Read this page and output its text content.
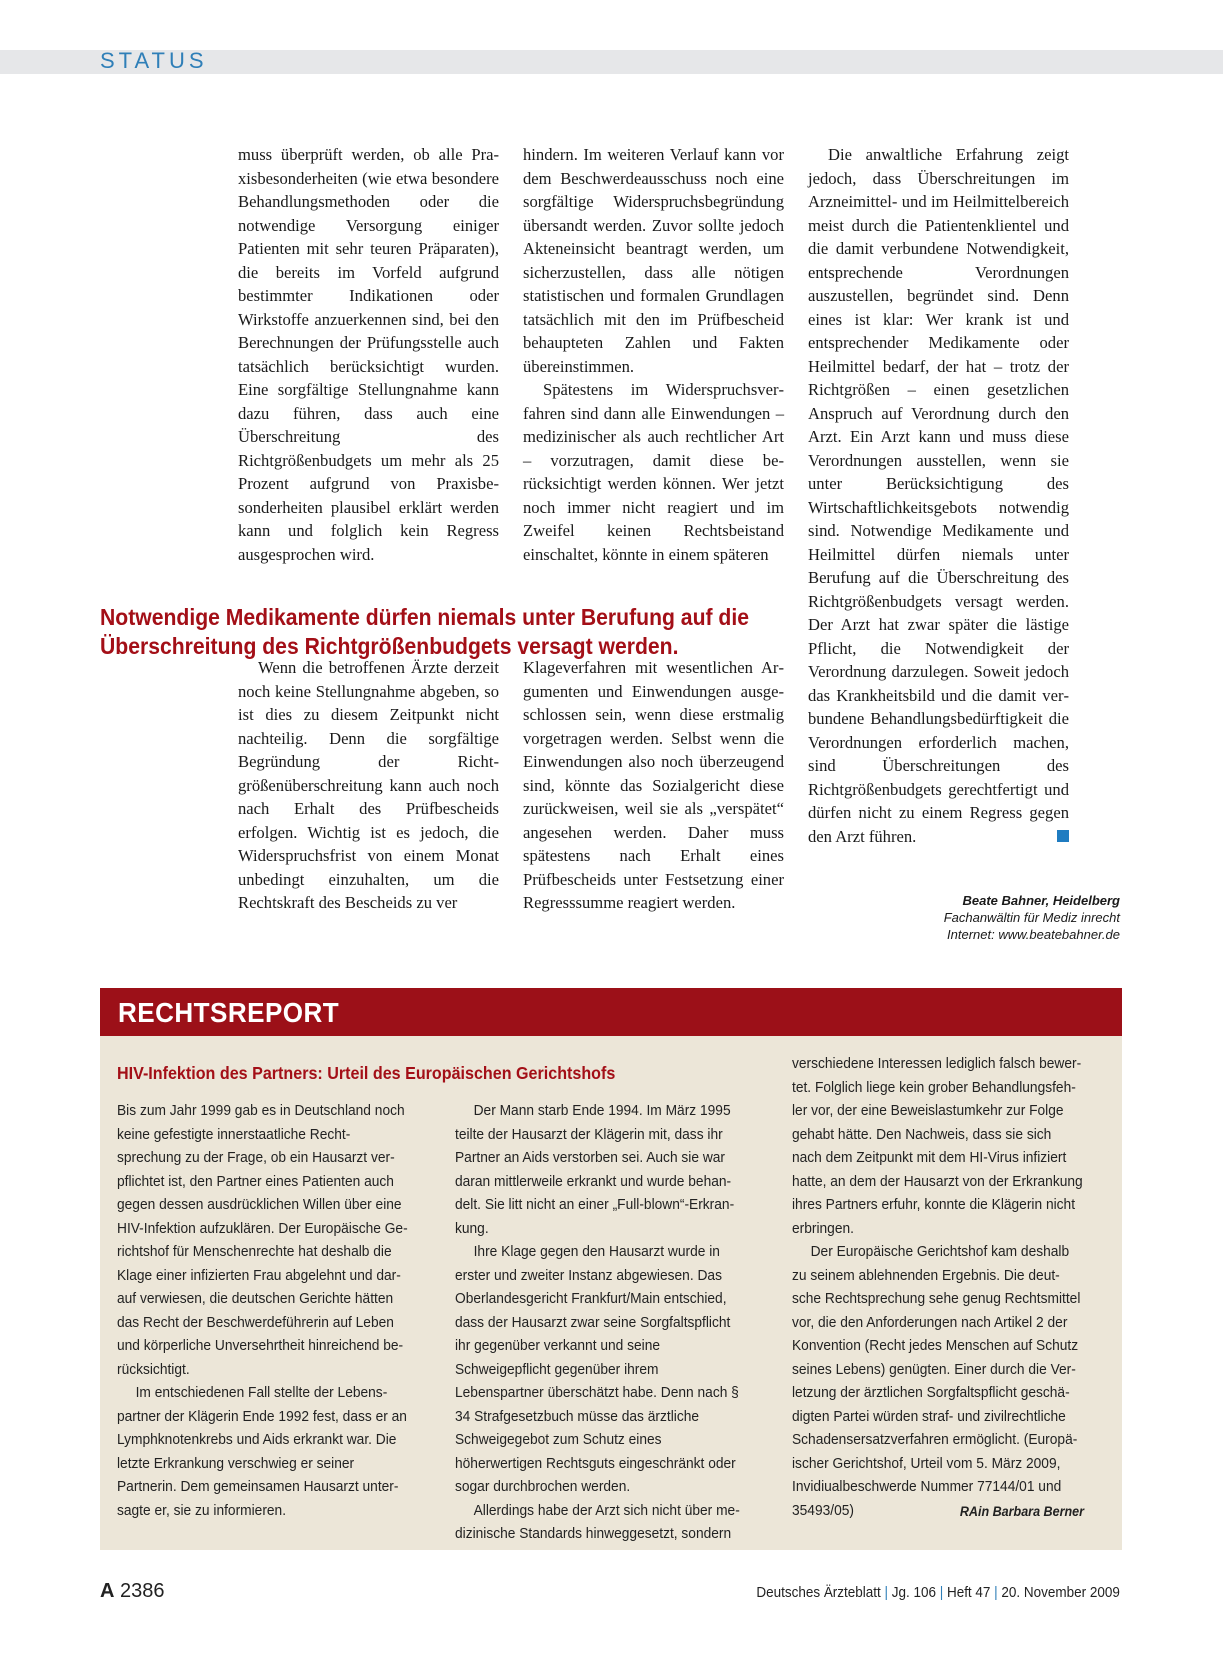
STATUS

muss überprüft werden, ob alle Praxisbesonderheiten (wie etwa besondere Behandlungsmethoden oder die notwendige Versorgung einiger Patienten mit sehr teuren Präparaten), die bereits im Vorfeld aufgrund bestimmter Indikationen oder Wirkstoffe anzuerkennen sind, bei den Berechnungen der Prüfungsstelle auch tatsächlich berücksichtigt wurden. Eine sorgfältige Stellungnahme kann dazu führen, dass auch eine Überschreitung des Richtgrößenbudgets um mehr als 25 Prozent aufgrund von Praxisbesonderheiten plausibel erklärt werden kann und folglich kein Regress ausgesprochen wird.

hindern. Im weiteren Verlauf kann vor dem Beschwerdeausschuss noch eine sorgfältige Widerspruchsbegründung übersandt werden. Zuvor sollte jedoch Akteneinsicht beantragt werden, um sicherzustellen, dass alle nötigen statistischen und formalen Grundlagen tatsächlich mit den im Prüfbescheid behaupteten Zahlen und Fakten übereinstimmen.

Spätestens im Widerspruchsverfahren sind dann alle Einwendungen – medizinischer als auch rechtlicher Art – vorzutragen, damit diese berücksichtigt werden können. Wer jetzt noch immer nicht reagiert und im Zweifel keinen Rechtsbeistand einschaltet, könnte in einem späteren

Die anwaltliche Erfahrung zeigt jedoch, dass Überschreitungen im Arzneimittel- und im Heilmittelbereich meist durch die Patientenklientel und die damit verbundene Notwendigkeit, entsprechende Verordnungen auszustellen, begründet sind. Denn eines ist klar: Wer krank ist und entsprechender Medikamente oder Heilmittel bedarf, der hat – trotz der Richtgrößen – einen gesetzlichen Anspruch auf Verordnung durch den Arzt. Ein Arzt kann und muss diese Verordnungen ausstellen, wenn sie unter Berücksichtigung des Wirtschaftlichkeitsgebots notwendig sind. Notwendige Medikamente und Heilmittel dürfen niemals unter Berufung auf die Überschreitung des Richtgrößenbudgets versagt werden. Der Arzt hat zwar später die lästige Pflicht, die Notwendigkeit der Verordnung darzulegen. Soweit jedoch das Krankheitsbild und die damit verbundene Behandlungsbedürftigkeit die Verordnungen erforderlich machen, sind Überschreitungen des Richtgrößenbudgets gerechtfertigt und dürfen nicht zu einem Regress gegen den Arzt führen.

Notwendige Medikamente dürfen niemals unter Berufung auf die Überschreitung des Richtgrößenbudgets versagt werden.

Wenn die betroffenen Ärzte derzeit noch keine Stellungnahme abgeben, so ist dies zu diesem Zeitpunkt nicht nachteilig. Denn die sorgfältige Begründung der Richtgrößenüberschreitung kann auch noch nach Erhalt des Prüfbescheids erfolgen. Wichtig ist es jedoch, die Widerspruchsfrist von einem Monat unbedingt einzuhalten, um die Rechtskraft des Bescheids zu ver

Klageverfahren mit wesentlichen Argumenten und Einwendungen ausgeschlossen sein, wenn diese erstmalig vorgetragen werden. Selbst wenn die Einwendungen also noch überzeugend sind, könnte das Sozialgericht diese zurückweisen, weil sie als „verspätet“ angesehen werden. Daher muss spätestens nach Erhalt eines Prüfbescheids unter Festsetzung einer Regresssumme reagiert werden.	Beate Bahner, Heidelberg
Fachanwältin für Mediz inrecht
Internet: www.beatebahner.de
RECHTSREPORT
HIV-Infektion des Partners: Urteil des Europäischen Gerichtshofs

Bis zum Jahr 1999 gab es in Deutschland noch keine gefestigte innerstaatliche Rechtsprechung zu der Frage, ob ein Hausarzt verpflichtet ist, den Partner eines Patienten auch gegen dessen ausdrücklichen Willen über eine HIV-Infektion aufzuklären. Der Europäische Gerichtshof für Menschenrechte hat deshalb die Klage einer infizierten Frau abgelehnt und darauf verwiesen, die deutschen Gerichte hätten das Recht der Beschwerdeführerin auf Leben und körperliche Unversehrtheit hinreichend berücksichtigt.

Im entschiedenen Fall stellte der Lebenspartner der Klägerin Ende 1992 fest, dass er an Lymphknotenkrebs und Aids erkrankt war. Die letzte Erkrankung verschwieg er seiner Partnerin. Dem gemeinsamen Hausarzt untersagte er, sie zu informieren.

Der Mann starb Ende 1994. Im März 1995 teilte der Hausarzt der Klägerin mit, dass ihr Partner an Aids verstorben sei. Auch sie war daran mittlerweile erkrankt und wurde behandelt. Sie litt nicht an einer „Full-blown“-Erkrankung.

Ihre Klage gegen den Hausarzt wurde in erster und zweiter Instanz abgewiesen. Das Oberlandesgericht Frankfurt/Main entschied, dass der Hausarzt zwar seine Sorgfaltspflicht ihr gegenüber verkannt und seine Schweigepflicht gegenüber ihrem Lebenspartner überschätzt habe. Denn nach § 34 Strafgesetzbuch müsse das ärztliche Schweigegebot zum Schutz eines höherwertigen Rechtsguts eingeschränkt oder sogar durchbrochen werden.

Allerdings habe der Arzt sich nicht über medizinische Standards hinweggesetzt, sondern

verschiedene Interessen lediglich falsch bewertet. Folglich liege kein grober Behandlungsfehler vor, der eine Beweislastumkehr zur Folge gehabt hätte. Den Nachweis, dass sie sich nach dem Zeitpunkt mit dem HI-Virus infiziert hatte, an dem der Hausarzt von der Erkrankung ihres Partners erfuhr, konnte die Klägerin nicht erbringen.

Der Europäische Gerichtshof kam deshalb zu seinem ablehnenden Ergebnis. Die deutsche Rechtsprechung sehe genug Rechtsmittel vor, die den Anforderungen nach Artikel 2 der Konvention (Recht jedes Menschen auf Schutz seines Lebens) genügten. Einer durch die Verletzung der ärztlichen Sorgfaltspflicht geschädigten Partei würden straf- und zivilrechtliche Schadensersatzverfahren ermöglicht. (Europäischer Gerichtshof, Urteil vom 5. März 2009, Invidiualbeschwerde Nummer 77144/01 und 35493/05)	RAin Barbara Berner

A 2386	Deutsches Ärzteblatt | Jg. 106 | Heft 47 | 20. November 2009
